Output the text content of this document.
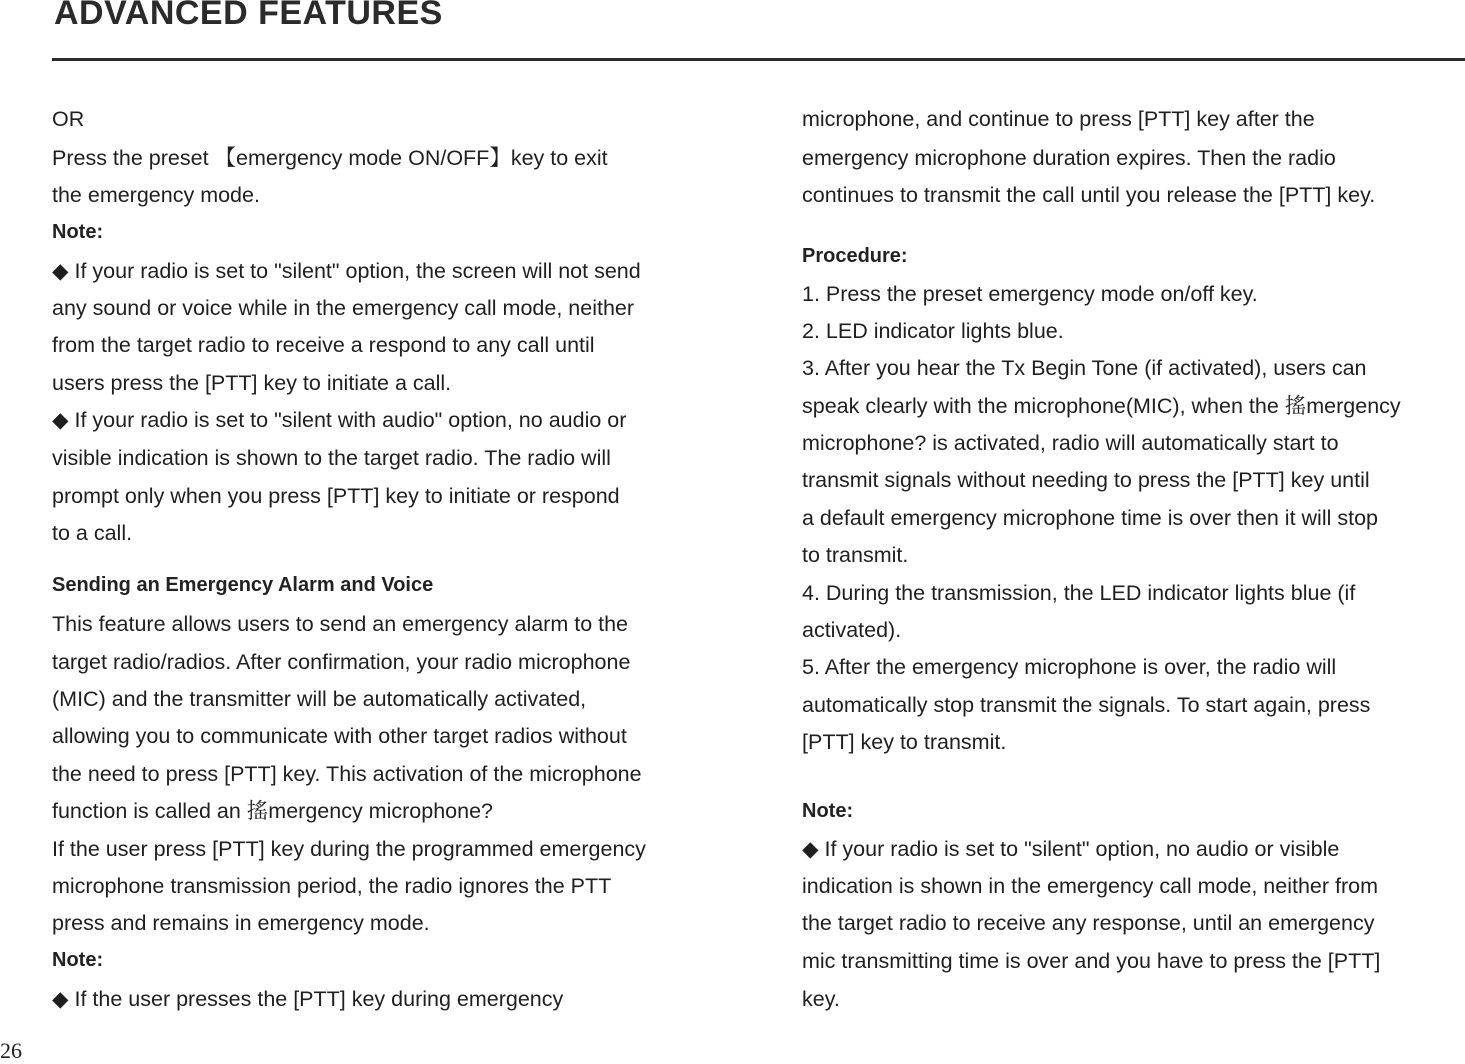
ADVANCED FEATURES
OR
Press the preset 【emergency mode ON/OFF】key to exit
the emergency mode.
Note:
◆ If your radio is set to "silent" option, the screen will not send
any sound or voice while in the emergency call mode, neither
from the target radio to receive a respond to any call until
users press the [PTT] key to initiate a call.
◆ If your radio is set to "silent with audio" option, no audio or
visible indication is shown to the target radio. The radio will
prompt only when you press [PTT] key to initiate or respond
to a call.
Sending an Emergency Alarm and Voice
This feature allows users to send an emergency alarm to the
target radio/radios. After confirmation, your radio microphone
(MIC) and the transmitter will be automatically activated,
allowing you to communicate with other target radios without
the need to press [PTT] key. This activation of the microphone
function is called an 搖mergency microphone?
If the user press [PTT] key during the programmed emergency
microphone transmission period, the radio ignores the PTT
press and remains in emergency mode.
Note:
◆ If the user presses the [PTT] key during emergency
microphone, and continue to press [PTT] key after the
emergency microphone duration expires. Then the radio
continues to transmit the call until you release the [PTT] key.
Procedure:
1. Press the preset emergency mode on/off key.
2. LED indicator lights blue.
3. After you hear the Tx Begin Tone (if activated), users can
speak clearly with the microphone(MIC), when the 搖mergency
microphone? is activated, radio will automatically start to
transmit signals without needing to press the [PTT] key until
a default emergency microphone time is over then it will stop
to transmit.
4. During the transmission, the LED indicator lights blue (if
activated).
5. After the emergency microphone is over, the radio will
automatically stop transmit the signals. To start again, press
[PTT] key to transmit.
Note:
◆ If your radio is set to "silent" option, no audio or visible
indication is shown in the emergency call mode, neither from
the target radio to receive any response, until an emergency
mic transmitting time is over and you have to press the [PTT]
key.
26
